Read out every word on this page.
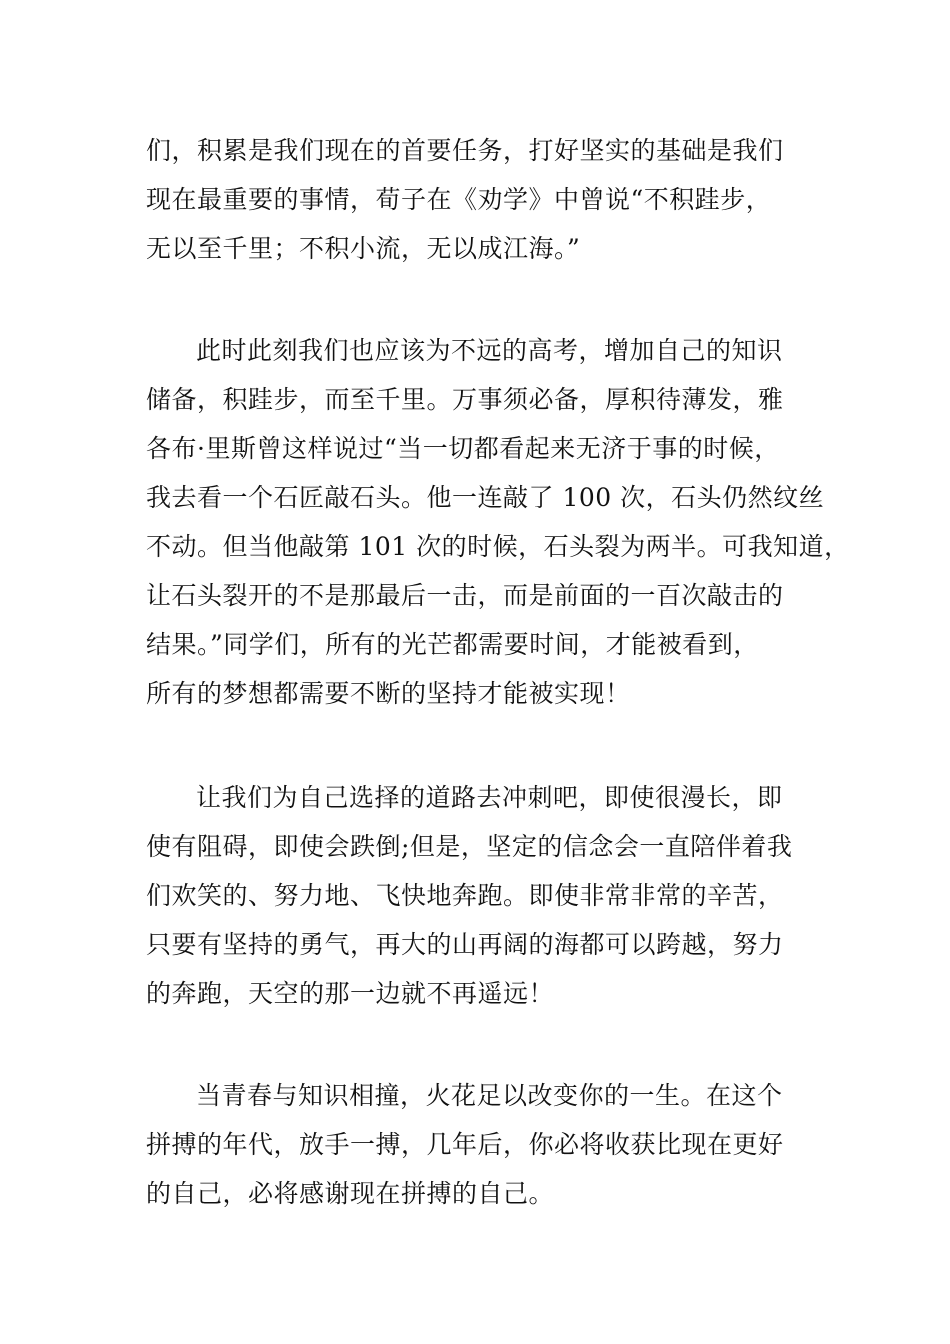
们，积累是我们现在的首要任务，打好坚实的基础是我们
现在最重要的事情，荀子在《劝学》中曾说“不积跬步，
无以至千里；不积小流，无以成江海。”
此时此刻我们也应该为不远的高考，增加自己的知识
储备，积跬步，而至千里。万事须必备，厚积待薄发，雅
各布·里斯曾这样说过“当一切都看起来无济于事的时候，
我去看一个石匠敲石头。他一连敲了 100 次，石头仍然纹丝
不动。但当他敲第 101 次的时候，石头裂为两半。可我知道，
让石头裂开的不是那最后一击，而是前面的一百次敲击的
结果。”同学们，所有的光芒都需要时间，才能被看到，
所有的梦想都需要不断的坚持才能被实现！
让我们为自己选择的道路去冲刺吧，即使很漫长，即
使有阻碍，即使会跌倒;但是，坚定的信念会一直陪伴着我
们欢笑的、努力地、飞快地奔跑。即使非常非常的辛苦，
只要有坚持的勇气，再大的山再阔的海都可以跨越，努力
的奔跑，天空的那一边就不再遥远！
当青春与知识相撞，火花足以改变你的一生。在这个
拼搏的年代，放手一搏，几年后，你必将收获比现在更好
的自己，必将感谢现在拼搏的自己。
